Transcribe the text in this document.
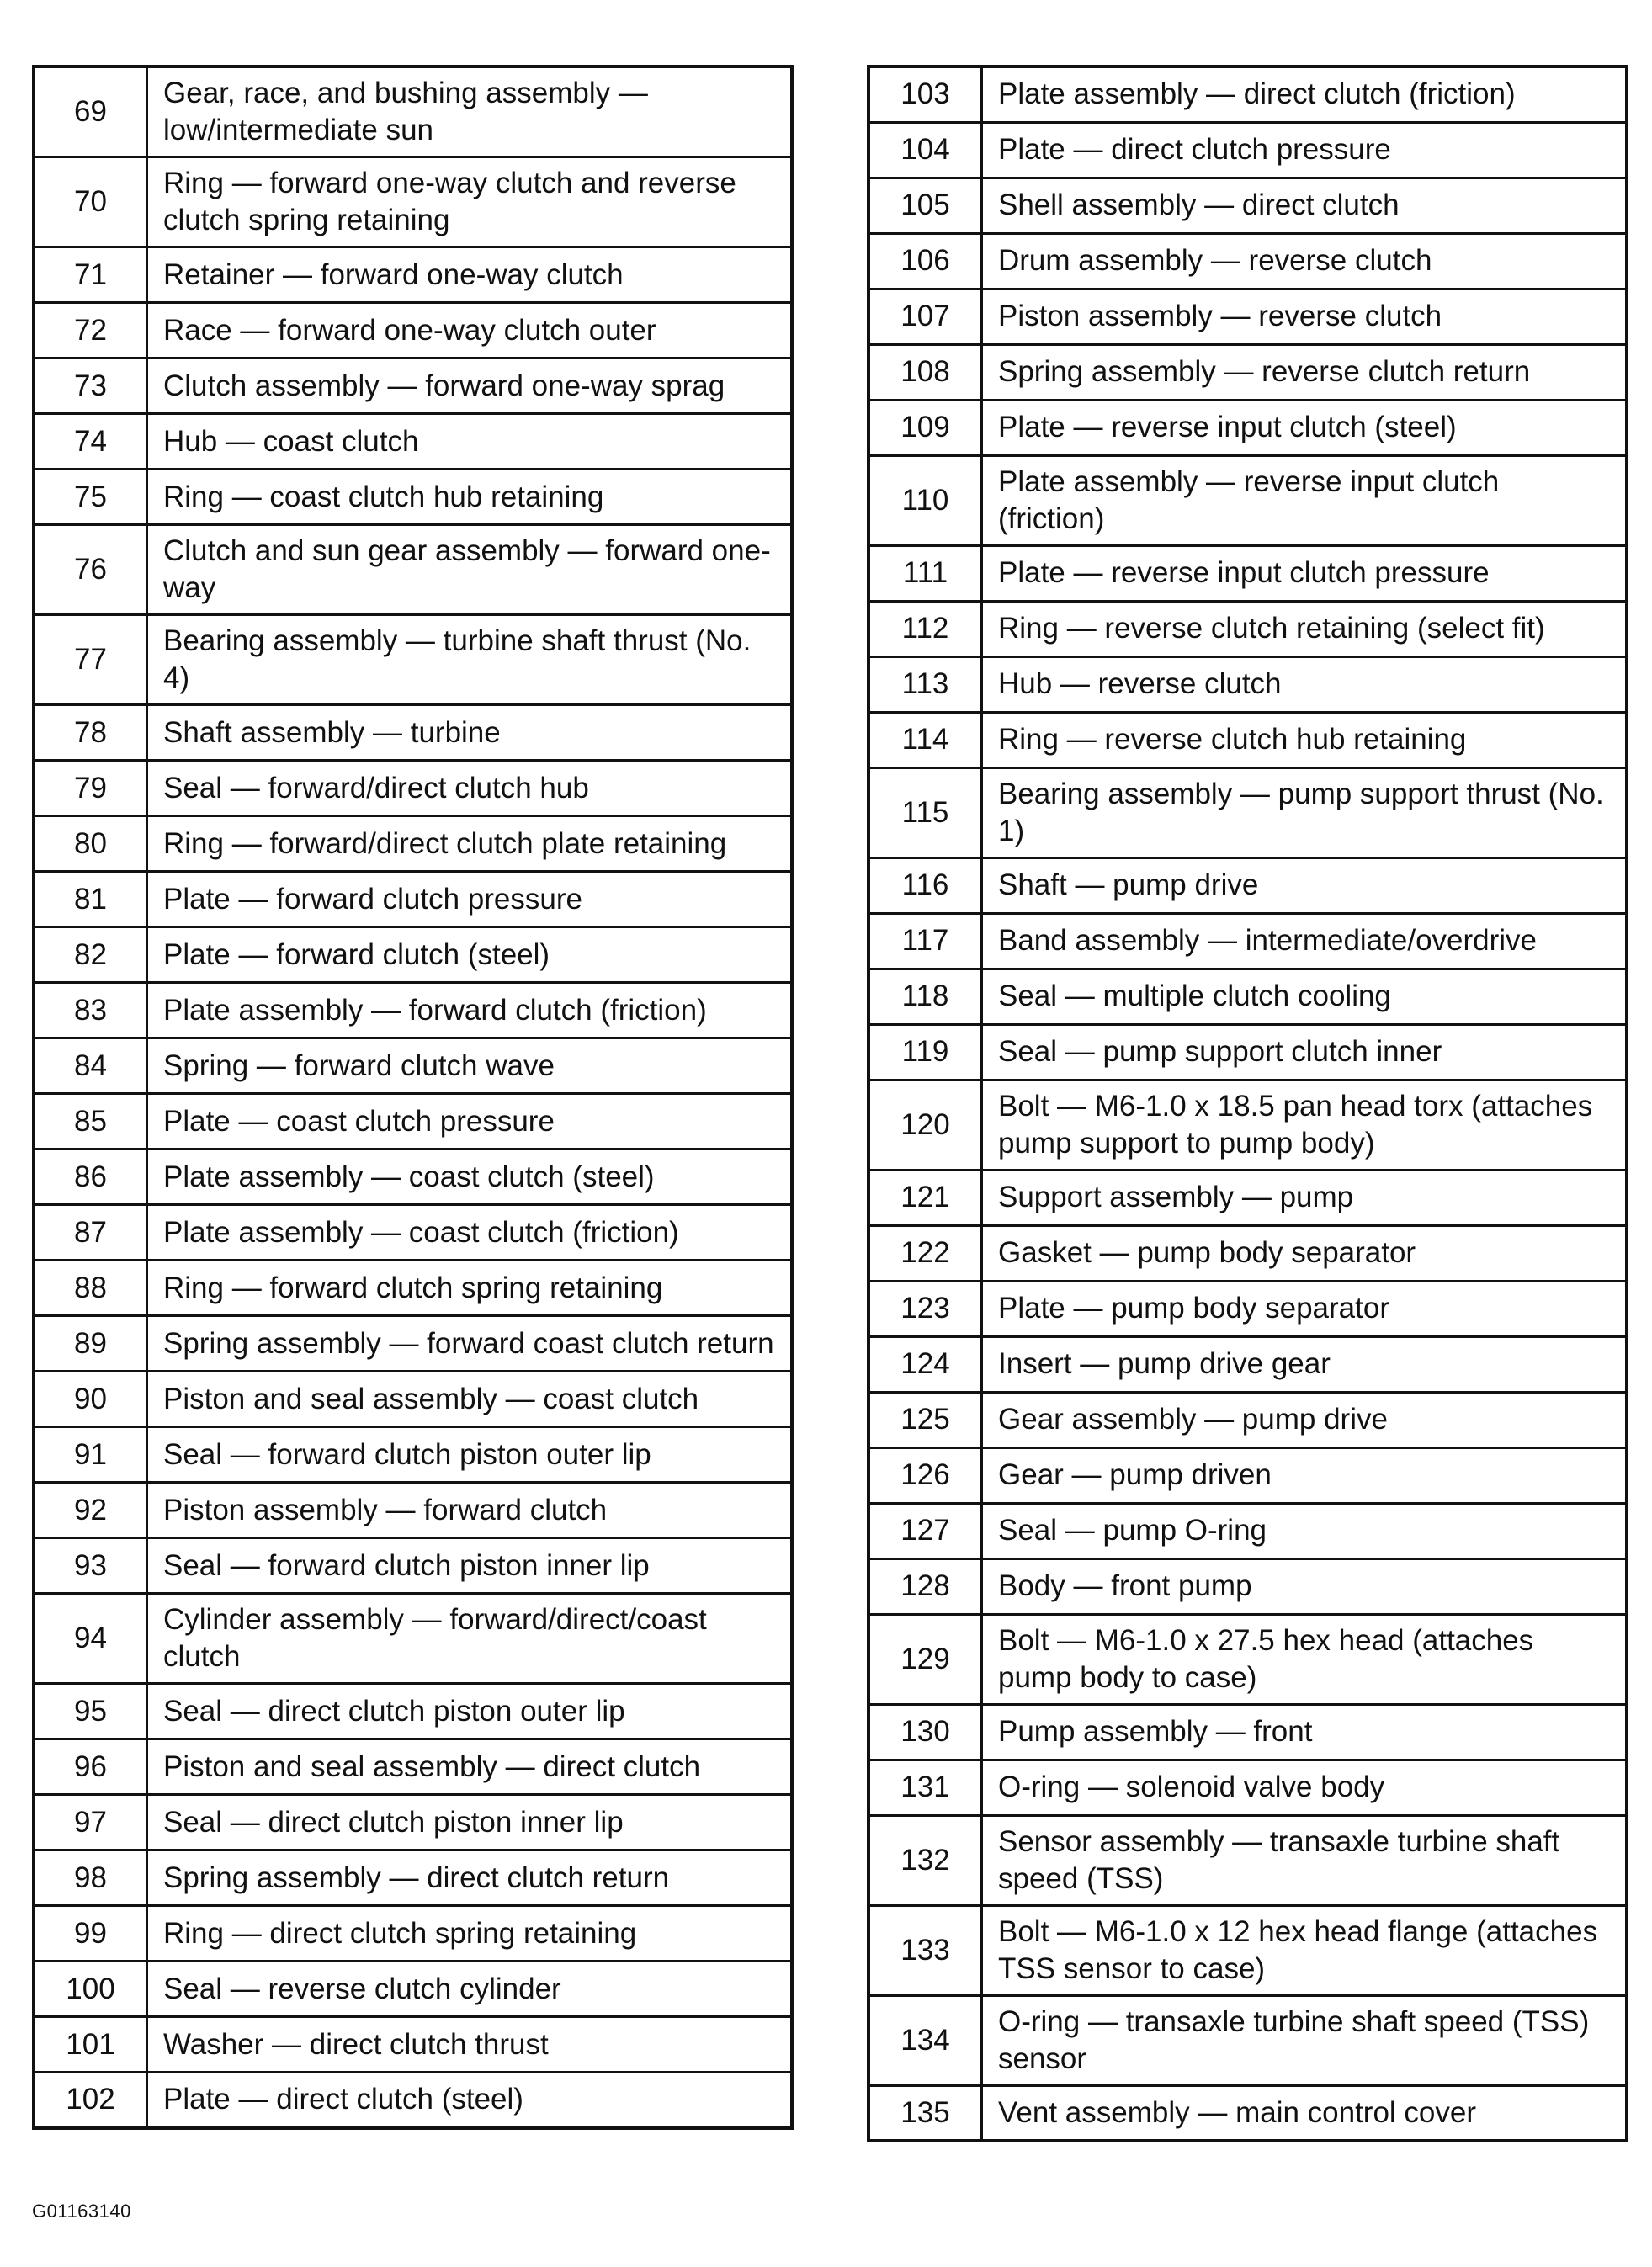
69	Gear, race, and bushing assembly — low/intermediate sun
70	Ring — forward one-way clutch and reverse clutch spring retaining
71	Retainer — forward one-way clutch
72	Race — forward one-way clutch outer
73	Clutch assembly — forward one-way sprag
74	Hub — coast clutch
75	Ring — coast clutch hub retaining
76	Clutch and sun gear assembly — forward one-way
77	Bearing assembly — turbine shaft thrust (No. 4)
78	Shaft assembly — turbine
79	Seal — forward/direct clutch hub
80	Ring — forward/direct clutch plate retaining
81	Plate — forward clutch pressure
82	Plate — forward clutch (steel)
83	Plate assembly — forward clutch (friction)
84	Spring — forward clutch wave
85	Plate — coast clutch pressure
86	Plate assembly — coast clutch (steel)
87	Plate assembly — coast clutch (friction)
88	Ring — forward clutch spring retaining
89	Spring assembly — forward coast clutch return
90	Piston and seal assembly — coast clutch
91	Seal — forward clutch piston outer lip
92	Piston assembly — forward clutch
93	Seal — forward clutch piston inner lip
94	Cylinder assembly — forward/direct/coast clutch
95	Seal — direct clutch piston outer lip
96	Piston and seal assembly — direct clutch
97	Seal — direct clutch piston inner lip
98	Spring assembly — direct clutch return
99	Ring — direct clutch spring retaining
100	Seal — reverse clutch cylinder
101	Washer — direct clutch thrust
102	Plate — direct clutch (steel)
103	Plate assembly — direct clutch (friction)
104	Plate — direct clutch pressure
105	Shell assembly — direct clutch
106	Drum assembly — reverse clutch
107	Piston assembly — reverse clutch
108	Spring assembly — reverse clutch return
109	Plate — reverse input clutch (steel)
110	Plate assembly — reverse input clutch (friction)
111	Plate — reverse input clutch pressure
112	Ring — reverse clutch retaining (select fit)
113	Hub — reverse clutch
114	Ring — reverse clutch hub retaining
115	Bearing assembly — pump support thrust (No. 1)
116	Shaft — pump drive
117	Band assembly — intermediate/overdrive
118	Seal — multiple clutch cooling
119	Seal — pump support clutch inner
120	Bolt — M6-1.0 x 18.5 pan head torx (attaches pump support to pump body)
121	Support assembly — pump
122	Gasket — pump body separator
123	Plate — pump body separator
124	Insert — pump drive gear
125	Gear assembly — pump drive
126	Gear — pump driven
127	Seal — pump O-ring
128	Body — front pump
129	Bolt — M6-1.0 x 27.5 hex head (attaches pump body to case)
130	Pump assembly — front
131	O-ring — solenoid valve body
132	Sensor assembly — transaxle turbine shaft speed (TSS)
133	Bolt — M6-1.0 x 12 hex head flange (attaches TSS sensor to case)
134	O-ring — transaxle turbine shaft speed (TSS) sensor
135	Vent assembly — main control cover
G01163140
